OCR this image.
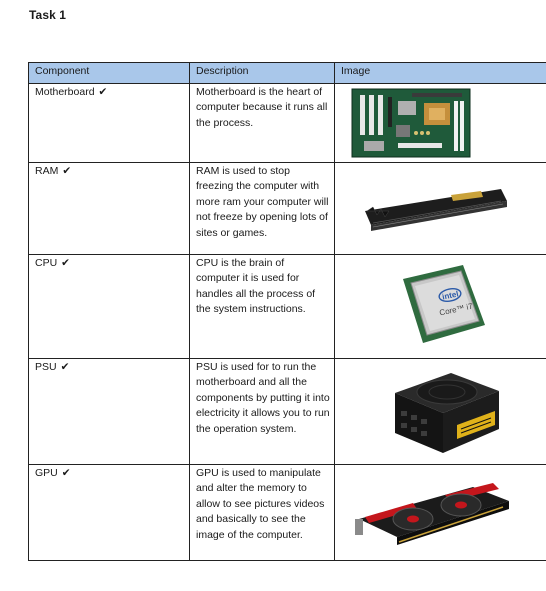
Task 1
Component	Description	Image
Motherboard ✔	Motherboard is the heart of computer because it runs all the process.	

RAM ✔	RAM is used to stop freezing the computer with more ram your computer will not freeze by opening lots of sites or games.	

CPU ✔	CPU is the brain of computer it is used for handles all the process of the system instructions.	intel
Core™ i7

PSU ✔	PSU is used for to run the motherboard and all the components by putting it into electricity it allows you to run the operation system.	

GPU ✔	GPU is used to manipulate and alter the memory to allow to see pictures videos and basically to see the image of the computer.	
